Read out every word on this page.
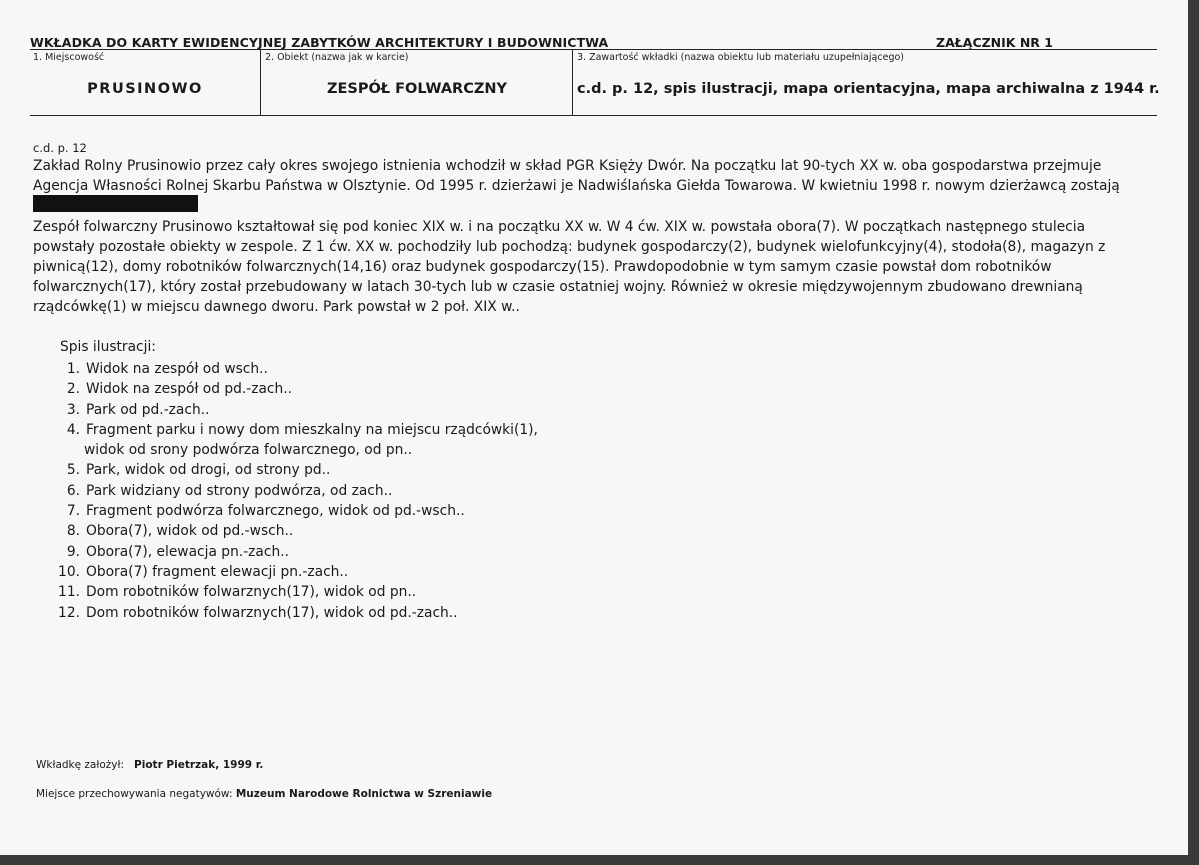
WKŁADKA DO KARTY EWIDENCYJNEJ ZABYTKÓW ARCHITEKTURY I BUDOWNICTWA	ZAŁĄCZNIK NR 1
1. Miejscowość
PRUSINOWO
2. Obiekt (nazwa jak w karcie)
ZESPÓŁ FOLWARCZNY
3. Zawartość wkładki (nazwa obiektu lub materiału uzupełniającego)
c.d. p. 12, spis ilustracji, mapa orientacyjna, mapa archiwalna z 1944 r.
c.d. p. 12
Zakład Rolny Prusinowio przez cały okres swojego istnienia wchodził w skład PGR Księży Dwór. Na początku lat 90-tych XX w. oba gospodarstwa przejmuje
Agencja Własności Rolnej Skarbu Państwa w Olsztynie. Od 1995 r. dzierżawi je Nadwiślańska Giełda Towarowa. W kwietniu 1998 r. nowym dzierżawcą zostają
Zespół folwarczny Prusinowo kształtował się pod koniec XIX w. i na początku XX w. W 4 ćw. XIX w. powstała obora(7). W początkach następnego stulecia
powstały pozostałe obiekty w zespole. Z 1 ćw. XX w. pochodziły lub pochodzą: budynek gospodarczy(2), budynek wielofunkcyjny(4), stodoła(8), magazyn z
piwnicą(12), domy robotników folwarcznych(14,16) oraz budynek gospodarczy(15). Prawdopodobnie w tym samym czasie powstał dom robotników
folwarcznych(17), który został przebudowany w latach 30-tych lub w czasie ostatniej wojny. Również w okresie międzywojennym zbudowano drewnianą
rządcówkę(1) w miejscu dawnego dworu. Park powstał w 2 poł. XIX w..
Spis ilustracji:
1. Widok na zespół od wsch..
2. Widok na zespół od pd.-zach..
3. Park od pd.-zach..
4. Fragment parku i nowy dom mieszkalny na miejscu rządcówki(1),
widok od srony podwórza folwarcznego, od pn..
5. Park, widok od drogi, od strony pd..
6. Park widziany od strony podwórza, od zach..
7. Fragment podwórza folwarcznego, widok od pd.-wsch..
8. Obora(7), widok od pd.-wsch..
9. Obora(7), elewacja pn.-zach..
10. Obora(7) fragment elewacji pn.-zach..
11. Dom robotników folwarznych(17), widok od pn..
12. Dom robotników folwarznych(17), widok od pd.-zach..
Wkładkę założył: Piotr Pietrzak, 1999 r.
Miejsce przechowywania negatywów: Muzeum Narodowe Rolnictwa w Szreniawie
